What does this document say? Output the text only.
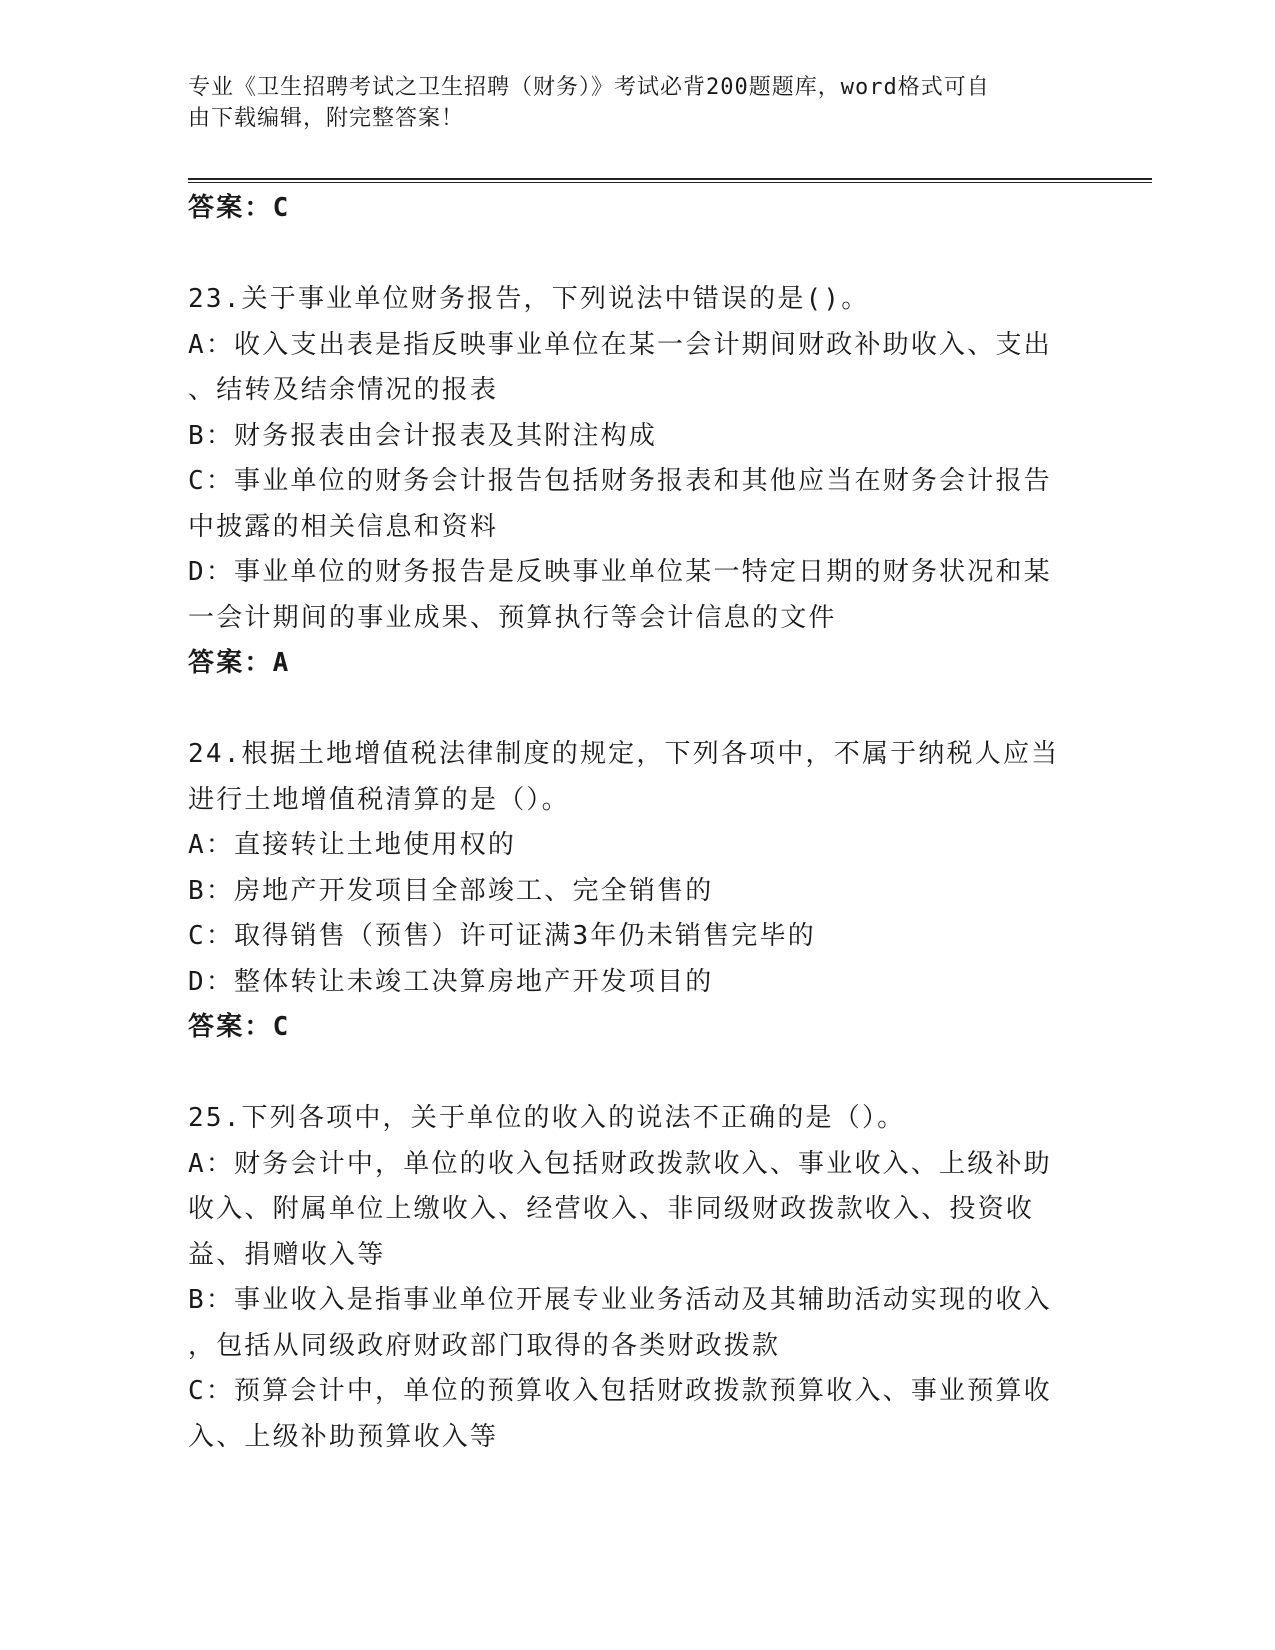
专业《卫生招聘考试之卫生招聘（财务）》考试必背200题题库，word格式可自
由下载编辑，附完整答案！
答案：C
23.关于事业单位财务报告，下列说法中错误的是()。
A：收入支出表是指反映事业单位在某一会计期间财政补助收入、支出
、结转及结余情况的报表
B：财务报表由会计报表及其附注构成
C：事业单位的财务会计报告包括财务报表和其他应当在财务会计报告
中披露的相关信息和资料
D：事业单位的财务报告是反映事业单位某一特定日期的财务状况和某
一会计期间的事业成果、预算执行等会计信息的文件
答案：A
24.根据土地增值税法律制度的规定，下列各项中，不属于纳税人应当
进行土地增值税清算的是（）。
A：直接转让土地使用权的
B：房地产开发项目全部竣工、完全销售的
C：取得销售（预售）许可证满3年仍未销售完毕的
D：整体转让未竣工决算房地产开发项目的
答案：C
25.下列各项中，关于单位的收入的说法不正确的是（）。
A：财务会计中，单位的收入包括财政拨款收入、事业收入、上级补助
收入、附属单位上缴收入、经营收入、非同级财政拨款收入、投资收
益、捐赠收入等
B：事业收入是指事业单位开展专业业务活动及其辅助活动实现的收入
，包括从同级政府财政部门取得的各类财政拨款
C：预算会计中，单位的预算收入包括财政拨款预算收入、事业预算收
入、上级补助预算收入等
